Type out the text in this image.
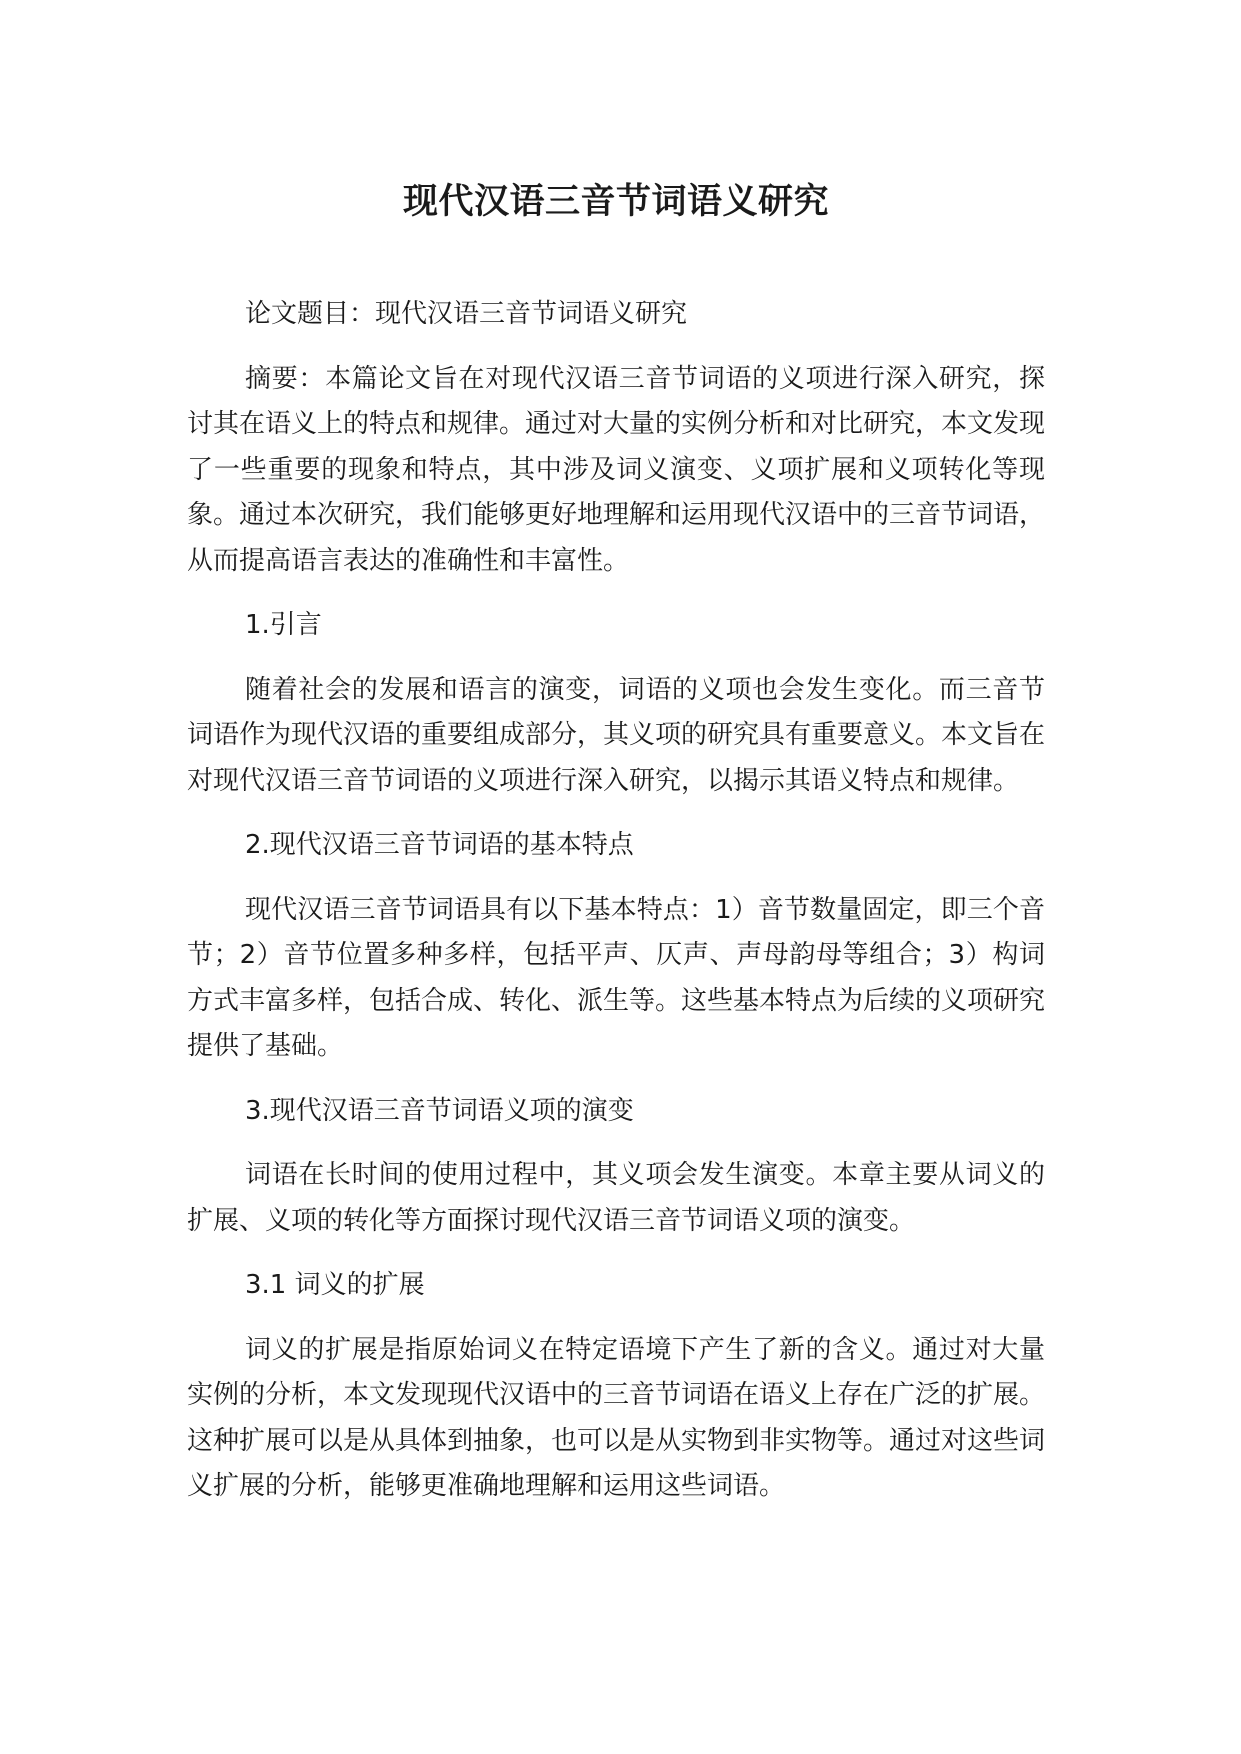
现代汉语三音节词语义研究

论文题目：现代汉语三音节词语义研究

摘要：本篇论文旨在对现代汉语三音节词语的义项进行深入研究，探讨其在语义上的特点和规律。通过对大量的实例分析和对比研究，本文发现了一些重要的现象和特点，其中涉及词义演变、义项扩展和义项转化等现象。通过本次研究，我们能够更好地理解和运用现代汉语中的三音节词语，从而提高语言表达的准确性和丰富性。

1.引言

随着社会的发展和语言的演变，词语的义项也会发生变化。而三音节词语作为现代汉语的重要组成部分，其义项的研究具有重要意义。本文旨在对现代汉语三音节词语的义项进行深入研究，以揭示其语义特点和规律。

2.现代汉语三音节词语的基本特点

现代汉语三音节词语具有以下基本特点：1）音节数量固定，即三个音节；2）音节位置多种多样，包括平声、仄声、声母韵母等组合；3）构词方式丰富多样，包括合成、转化、派生等。这些基本特点为后续的义项研究提供了基础。

3.现代汉语三音节词语义项的演变

词语在长时间的使用过程中，其义项会发生演变。本章主要从词义的扩展、义项的转化等方面探讨现代汉语三音节词语义项的演变。

3.1 词义的扩展

词义的扩展是指原始词义在特定语境下产生了新的含义。通过对大量实例的分析，本文发现现代汉语中的三音节词语在语义上存在广泛的扩展。这种扩展可以是从具体到抽象，也可以是从实物到非实物等。通过对这些词义扩展的分析，能够更准确地理解和运用这些词语。
